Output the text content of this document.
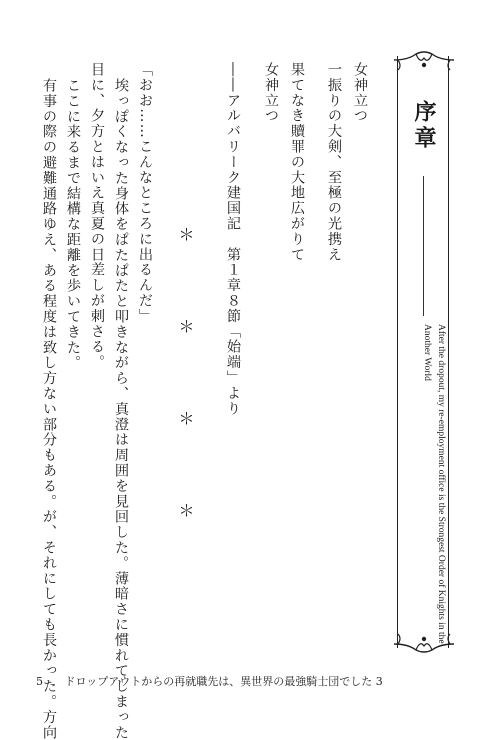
序章
After the dropout, my re-employment office is the Strongest Order of Knights in the Another World
女神立つ
一振りの大剣、至極の光携え
果てなき贖罪の大地広がりて
女神立つ
――アルバリーク建国記　第１章８節「始端」より
＊　＊　＊　＊
「おお……こんなところに出るんだ」
埃っぽくなった身体をぱたぱたと叩きながら、真澄は周囲を見回した。薄暗さに慣れてしまった
目に、夕方とはいえ真夏の日差しが刺さる。
ここに来るまで結構な距離を歩いてきた。
有事の際の避難通路ゆえ、ある程度は致し方ない部分もある。が、それにしても長かった。方向
5 ドロップアウトからの再就職先は、異世界の最強騎士団でした 3
